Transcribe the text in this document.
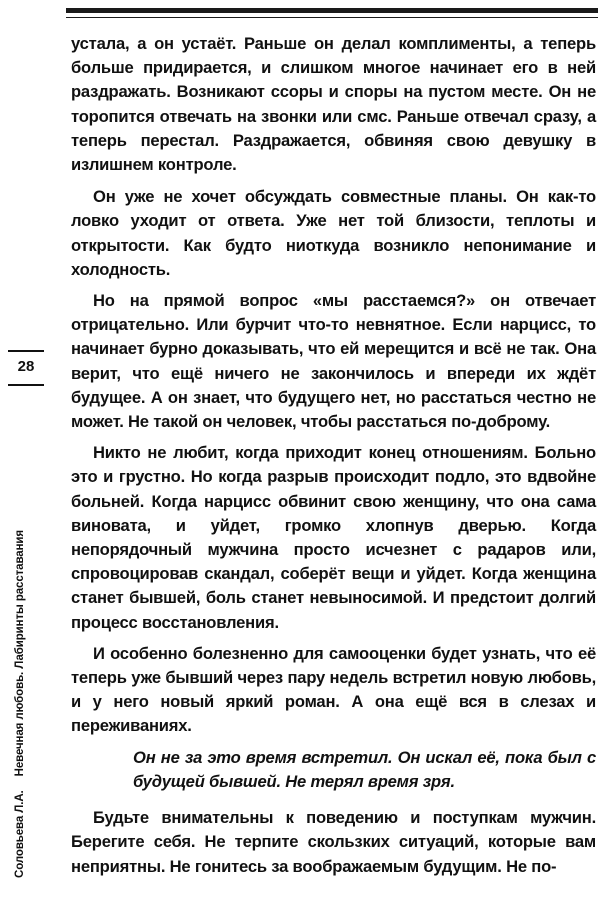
28
Соловьева Л.А.Невечная любовь. Лабиринты расставания

устала, а он устаёт. Раньше он делал комплименты, а теперь больше придирается, и слишком многое начинает его в ней раздражать. Возникают ссоры и споры на пустом месте. Он не торопится отвечать на звонки или смс. Раньше отвечал сразу, а теперь перестал. Раздражается, обвиняя свою девушку в излишнем контроле.

Он уже не хочет обсуждать совместные планы. Он как-то ловко уходит от ответа. Уже нет той близости, теплоты и открытости. Как будто ниоткуда возникло непонимание и холодность.

Но на прямой вопрос «мы расстаемся?» он отвечает отрицательно. Или бурчит что-то невнятное. Если нарцисс, то начинает бурно доказывать, что ей мерещится и всё не так. Она верит, что ещё ничего не закончилось и впереди их ждёт будущее. А он знает, что будущего нет, но расстаться честно не может. Не такой он человек, чтобы расстаться по-доброму.

Никто не любит, когда приходит конец отношениям. Больно это и грустно. Но когда разрыв происходит подло, это вдвойне больней. Когда нарцисс обвинит свою женщину, что она сама виновата, и уйдет, громко хлопнув дверью. Когда непорядочный мужчина просто исчезнет с радаров или, спровоцировав скандал, соберёт вещи и уйдет. Когда женщина станет бывшей, боль станет невыносимой. И предстоит долгий процесс восстановления.

И особенно болезненно для самооценки будет узнать, что её теперь уже бывший через пару недель встретил новую любовь, и у него новый яркий роман. А она ещё вся в слезах и переживаниях.

Он не за это время встретил. Он искал её, пока был с будущей бывшей. Не терял время зря.

Будьте внимательны к поведению и поступкам мужчин. Берегите себя. Не терпите скользких ситуаций, которые вам неприятны. Не гонитесь за воображаемым будущим. Не по-
